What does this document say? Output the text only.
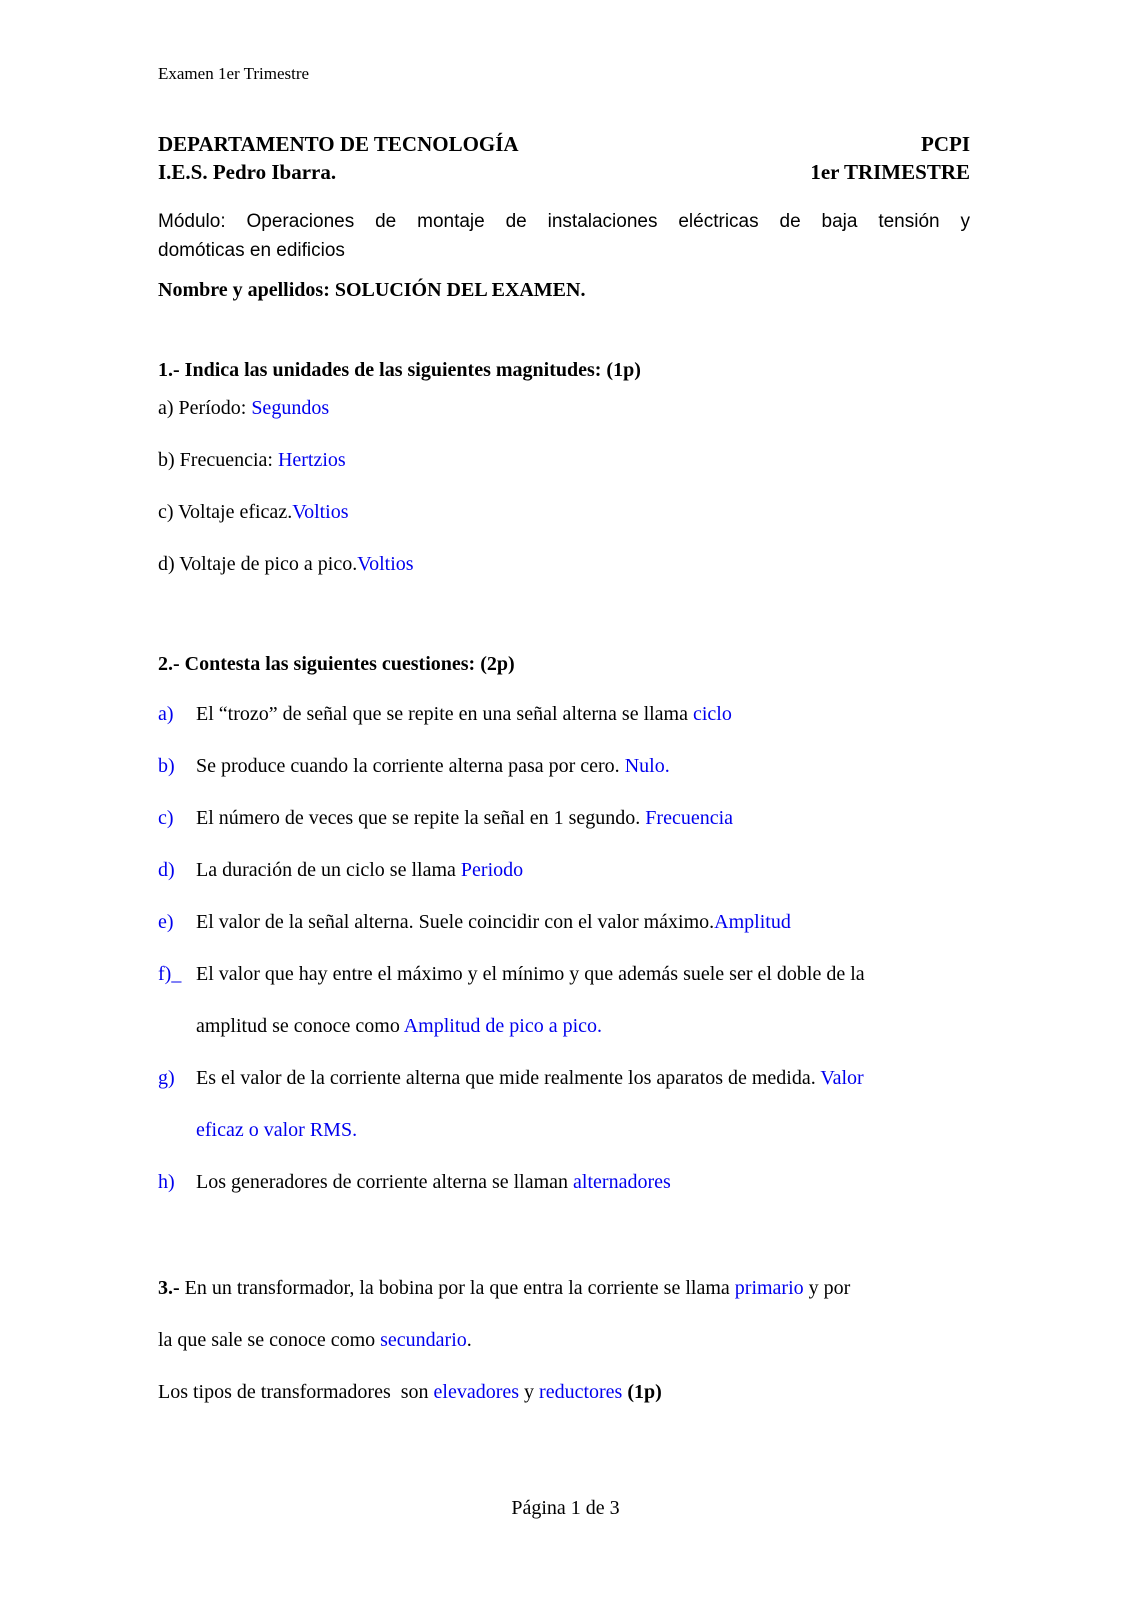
Examen 1er Trimestre
DEPARTAMENTO DE TECNOLOGÍA	PCPI
I.E.S. Pedro Ibarra.	1er TRIMESTRE
Módulo: Operaciones de montaje de instalaciones eléctricas de baja tensión y
domóticas en edificios
Nombre y apellidos: SOLUCIÓN DEL EXAMEN.
1.- Indica las unidades de las siguientes magnitudes: (1p)
a) Período: Segundos
b) Frecuencia: Hertzios
c) Voltaje eficaz.Voltios
d) Voltaje de pico a pico.Voltios
2.- Contesta las siguientes cuestiones: (2p)
a) El “trozo” de señal que se repite en una señal alterna se llama ciclo
b) Se produce cuando la corriente alterna pasa por cero. Nulo.
c) El número de veces que se repite la señal en 1 segundo. Frecuencia
d) La duración de un ciclo se llama Periodo
e) El valor de la señal alterna. Suele coincidir con el valor máximo.Amplitud
f)_ El valor que hay entre el máximo y el mínimo y que además suele ser el doble de la
amplitud se conoce como Amplitud de pico a pico.
g) Es el valor de la corriente alterna que mide realmente los aparatos de medida. Valor
eficaz o valor RMS.
h) Los generadores de corriente alterna se llaman alternadores
3.- En un transformador, la bobina por la que entra la corriente se llama primario y por
la que sale se conoce como secundario.
Los tipos de transformadores  son elevadores y reductores (1p)
Página 1 de 3
